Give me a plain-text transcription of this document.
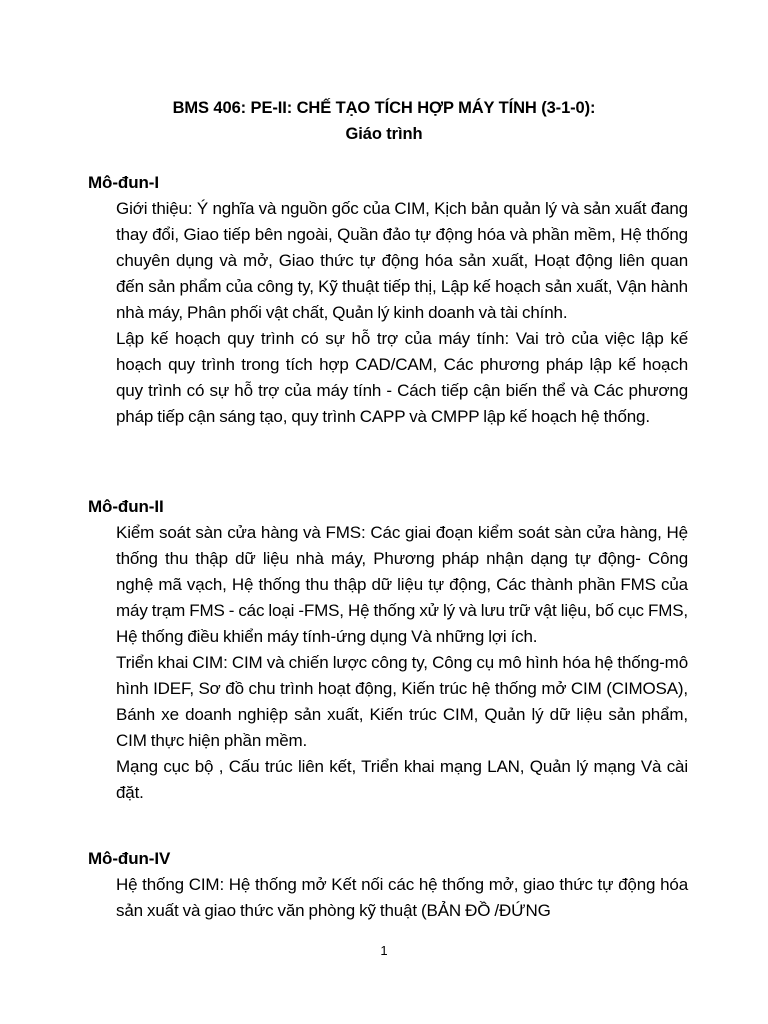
BMS 406: PE-II: CHẾ TẠO TÍCH HỢP MÁY TÍNH (3-1-0):
Giáo trình
Mô-đun-I

Giới thiệu: Ý nghĩa và nguồn gốc của CIM, Kịch bản quản lý và sản xuất đang thay đổi, Giao tiếp bên ngoài, Quần đảo tự động hóa và phần mềm, Hệ thống chuyên dụng và mở, Giao thức tự động hóa sản xuất, Hoạt động liên quan đến sản phẩm của công ty, Kỹ thuật tiếp thị, Lập kế hoạch sản xuất, Vận hành nhà máy, Phân phối vật chất, Quản lý kinh doanh và tài chính.

Lập kế hoạch quy trình có sự hỗ trợ của máy tính: Vai trò của việc lập kế hoạch quy trình trong tích hợp CAD/CAM, Các phương pháp lập kế hoạch quy trình có sự hỗ trợ của máy tính - Cách tiếp cận biến thể và Các phương pháp tiếp cận sáng tạo, quy trình CAPP và CMPP lập kế hoạch hệ thống.

Mô-đun-II

Kiểm soát sàn cửa hàng và FMS: Các giai đoạn kiểm soát sàn cửa hàng, Hệ thống thu thập dữ liệu nhà máy, Phương pháp nhận dạng tự động- Công nghệ mã vạch, Hệ thống thu thập dữ liệu tự động, Các thành phần FMS của máy trạm FMS - các loại -FMS, Hệ thống xử lý và lưu trữ vật liệu, bố cục FMS, Hệ thống điều khiển máy tính-ứng dụng Và những lợi ích.

Triển khai CIM: CIM và chiến lược công ty, Công cụ mô hình hóa hệ thống-mô hình IDEF, Sơ đồ chu trình hoạt động, Kiến trúc hệ thống mở CIM (CIMOSA), Bánh xe doanh nghiệp sản xuất, Kiến trúc CIM, Quản lý dữ liệu sản phẩm, CIM thực hiện phần mềm.

Mạng cục bộ , Cấu trúc liên kết, Triển khai mạng LAN, Quản lý mạng Và cài đặt.

Mô-đun-IV

Hệ thống CIM: Hệ thống mở Kết nối các hệ thống mở, giao thức tự động hóa sản xuất và giao thức văn phòng kỹ thuật (BẢN ĐỒ /ĐỨNG

1
